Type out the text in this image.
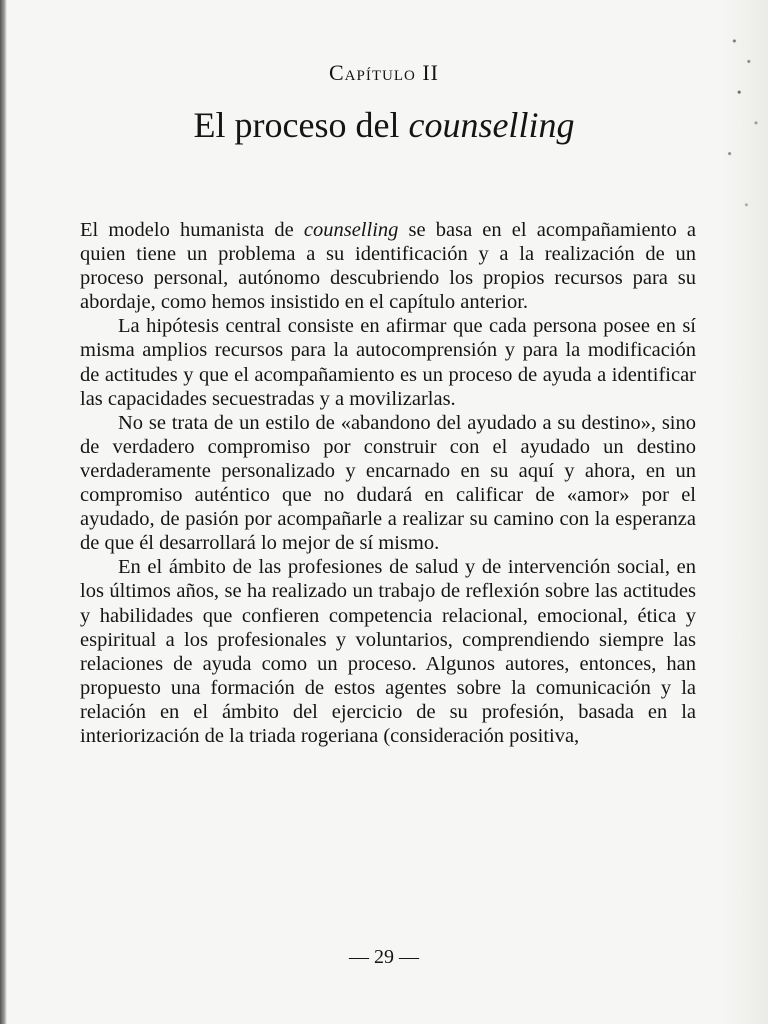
Capítulo II
El proceso del counselling

El modelo humanista de counselling se basa en el acompañamiento a quien tiene un problema a su identificación y a la realización de un proceso personal, autónomo descubriendo los propios recursos para su abordaje, como hemos insistido en el capítulo anterior.

La hipótesis central consiste en afirmar que cada persona posee en sí misma amplios recursos para la autocomprensión y para la modificación de actitudes y que el acompañamiento es un proceso de ayuda a identificar las capacidades secuestradas y a movilizarlas.

No se trata de un estilo de «abandono del ayudado a su destino», sino de verdadero compromiso por construir con el ayudado un destino verdaderamente personalizado y encarnado en su aquí y ahora, en un compromiso auténtico que no dudará en calificar de «amor» por el ayudado, de pasión por acompañarle a realizar su camino con la esperanza de que él desarrollará lo mejor de sí mismo.

En el ámbito de las profesiones de salud y de intervención social, en los últimos años, se ha realizado un trabajo de reflexión sobre las actitudes y habilidades que confieren competencia relacional, emocional, ética y espiritual a los profesionales y voluntarios, comprendiendo siempre las relaciones de ayuda como un proceso. Algunos autores, entonces, han propuesto una formación de estos agentes sobre la comunicación y la relación en el ámbito del ejercicio de su profesión, basada en la interiorización de la triada rogeriana (consideración positiva,

— 29 —
